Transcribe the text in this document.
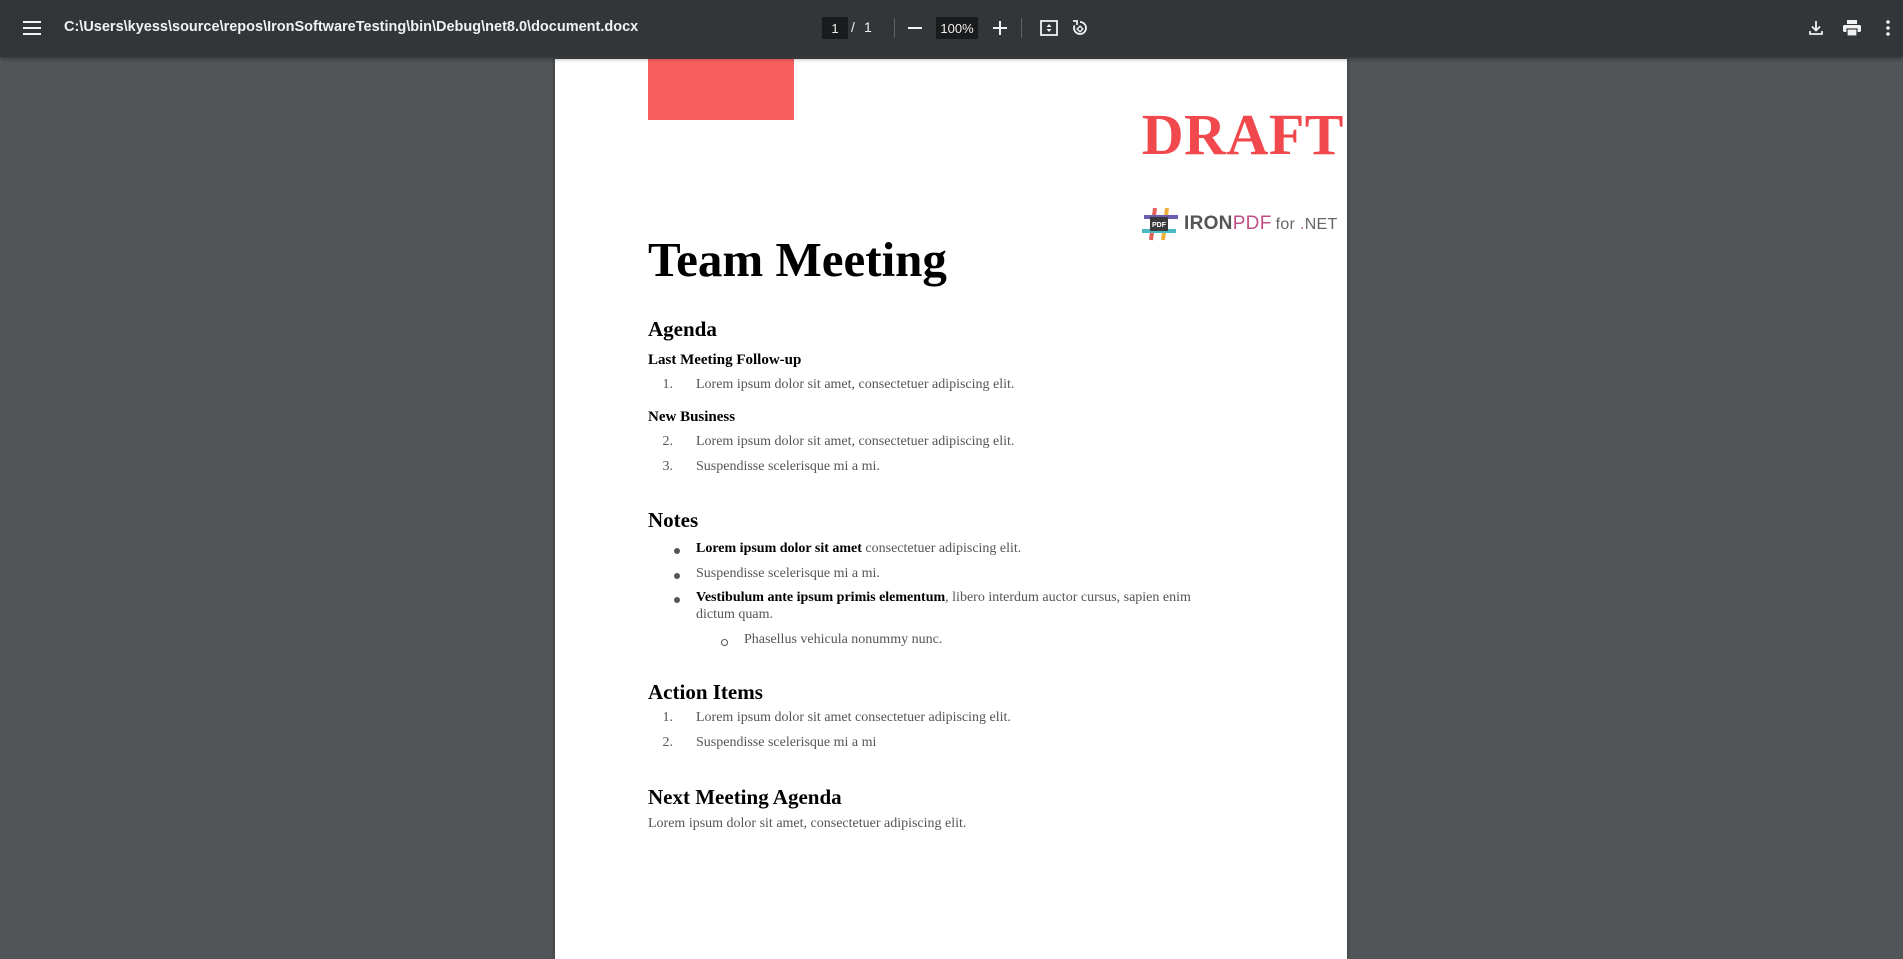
C:\Users\kyess\source\repos\IronSoftwareTesting\bin\Debug\net8.0\document.docx
1	/ 1
100%
DRAFT
PDF IRONPDF for .NET
Team Meeting
Agenda
Last Meeting Follow-up
1. Lorem ipsum dolor sit amet, consectetuer adipiscing elit.
New Business
2. Lorem ipsum dolor sit amet, consectetuer adipiscing elit.
3. Suspendisse scelerisque mi a mi.
Notes
Lorem ipsum dolor sit amet consectetuer adipiscing elit.
Suspendisse scelerisque mi a mi.
Vestibulum ante ipsum primis elementum, libero interdum auctor cursus, sapien enim
dictum quam.
Phasellus vehicula nonummy nunc.
Action Items
1. Lorem ipsum dolor sit amet consectetuer adipiscing elit.
2. Suspendisse scelerisque mi a mi
Next Meeting Agenda
Lorem ipsum dolor sit amet, consectetuer adipiscing elit.
